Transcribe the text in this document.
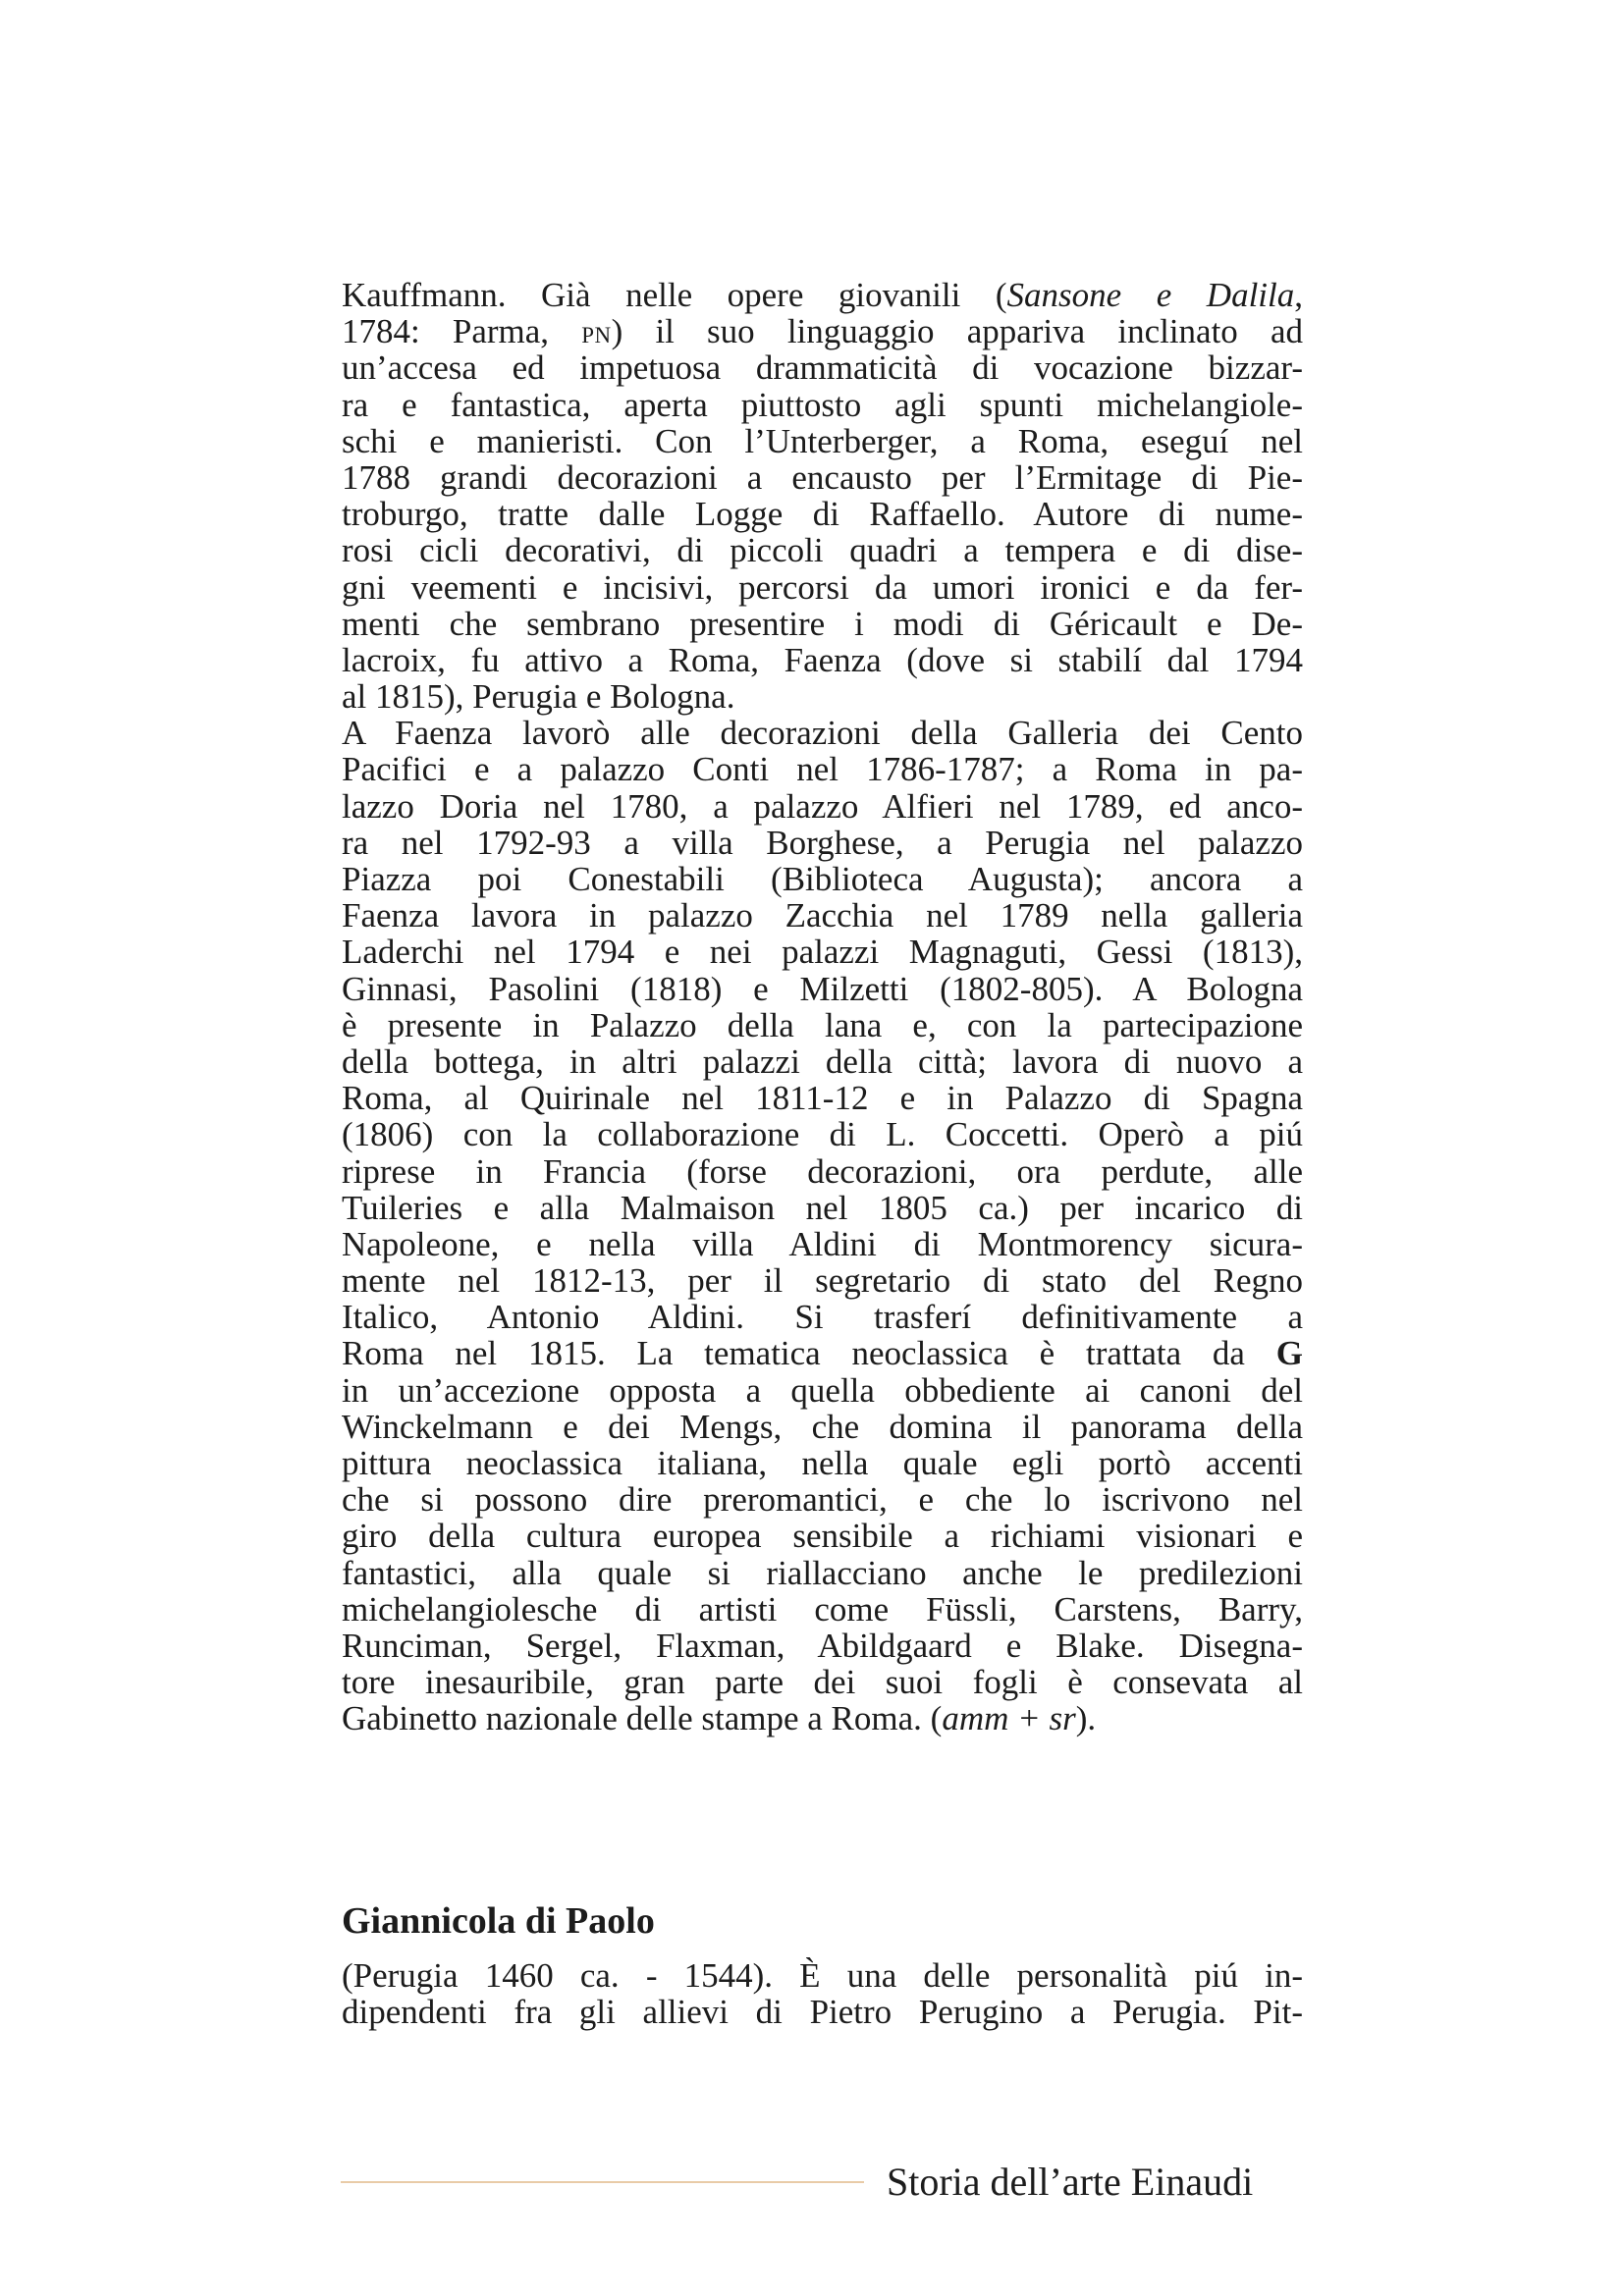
Kauffmann. Già nelle opere giovanili (Sansone e Dalila,
1784: Parma, pn) il suo linguaggio appariva inclinato ad
un’accesa ed impetuosa drammaticità di vocazione bizzar-
ra e fantastica, aperta piuttosto agli spunti michelangiole-
schi e manieristi. Con l’Unterberger, a Roma, eseguí nel
1788 grandi decorazioni a encausto per l’Ermitage di Pie-
troburgo, tratte dalle Logge di Raffaello. Autore di nume-
rosi cicli decorativi, di piccoli quadri a tempera e di dise-
gni veementi e incisivi, percorsi da umori ironici e da fer-
menti che sembrano presentire i modi di Géricault e De-
lacroix, fu attivo a Roma, Faenza (dove si stabilí dal 1794
al 1815), Perugia e Bologna.
A Faenza lavorò alle decorazioni della Galleria dei Cento
Pacifici e a palazzo Conti nel 1786-1787; a Roma in pa-
lazzo Doria nel 1780, a palazzo Alfieri nel 1789, ed anco-
ra nel 1792-93 a villa Borghese, a Perugia nel palazzo
Piazza poi Conestabili (Biblioteca Augusta); ancora a
Faenza lavora in palazzo Zacchia nel 1789 nella galleria
Laderchi nel 1794 e nei palazzi Magnaguti, Gessi (1813),
Ginnasi, Pasolini (1818) e Milzetti (1802-805). A Bologna
è presente in Palazzo della lana e, con la partecipazione
della bottega, in altri palazzi della città; lavora di nuovo a
Roma, al Quirinale nel 1811-12 e in Palazzo di Spagna
(1806) con la collaborazione di L. Coccetti. Operò a piú
riprese in Francia (forse decorazioni, ora perdute, alle
Tuileries e alla Malmaison nel 1805 ca.) per incarico di
Napoleone, e nella villa Aldini di Montmorency sicura-
mente nel 1812-13, per il segretario di stato del Regno
Italico, Antonio Aldini. Si trasferí definitivamente a
Roma nel 1815. La tematica neoclassica è trattata da G
in un’accezione opposta a quella obbediente ai canoni del
Winckelmann e dei Mengs, che domina il panorama della
pittura neoclassica italiana, nella quale egli portò accenti
che si possono dire preromantici, e che lo iscrivono nel
giro della cultura europea sensibile a richiami visionari e
fantastici, alla quale si riallacciano anche le predilezioni
michelangiolesche di artisti come Füssli, Carstens, Barry,
Runciman, Sergel, Flaxman, Abildgaard e Blake. Disegna-
tore inesauribile, gran parte dei suoi fogli è consevata al
Gabinetto nazionale delle stampe a Roma. (amm + sr).
Giannicola di Paolo
(Perugia 1460 ca. - 1544). È una delle personalità piú in-
dipendenti fra gli allievi di Pietro Perugino a Perugia. Pit-
Storia dell’arte Einaudi
